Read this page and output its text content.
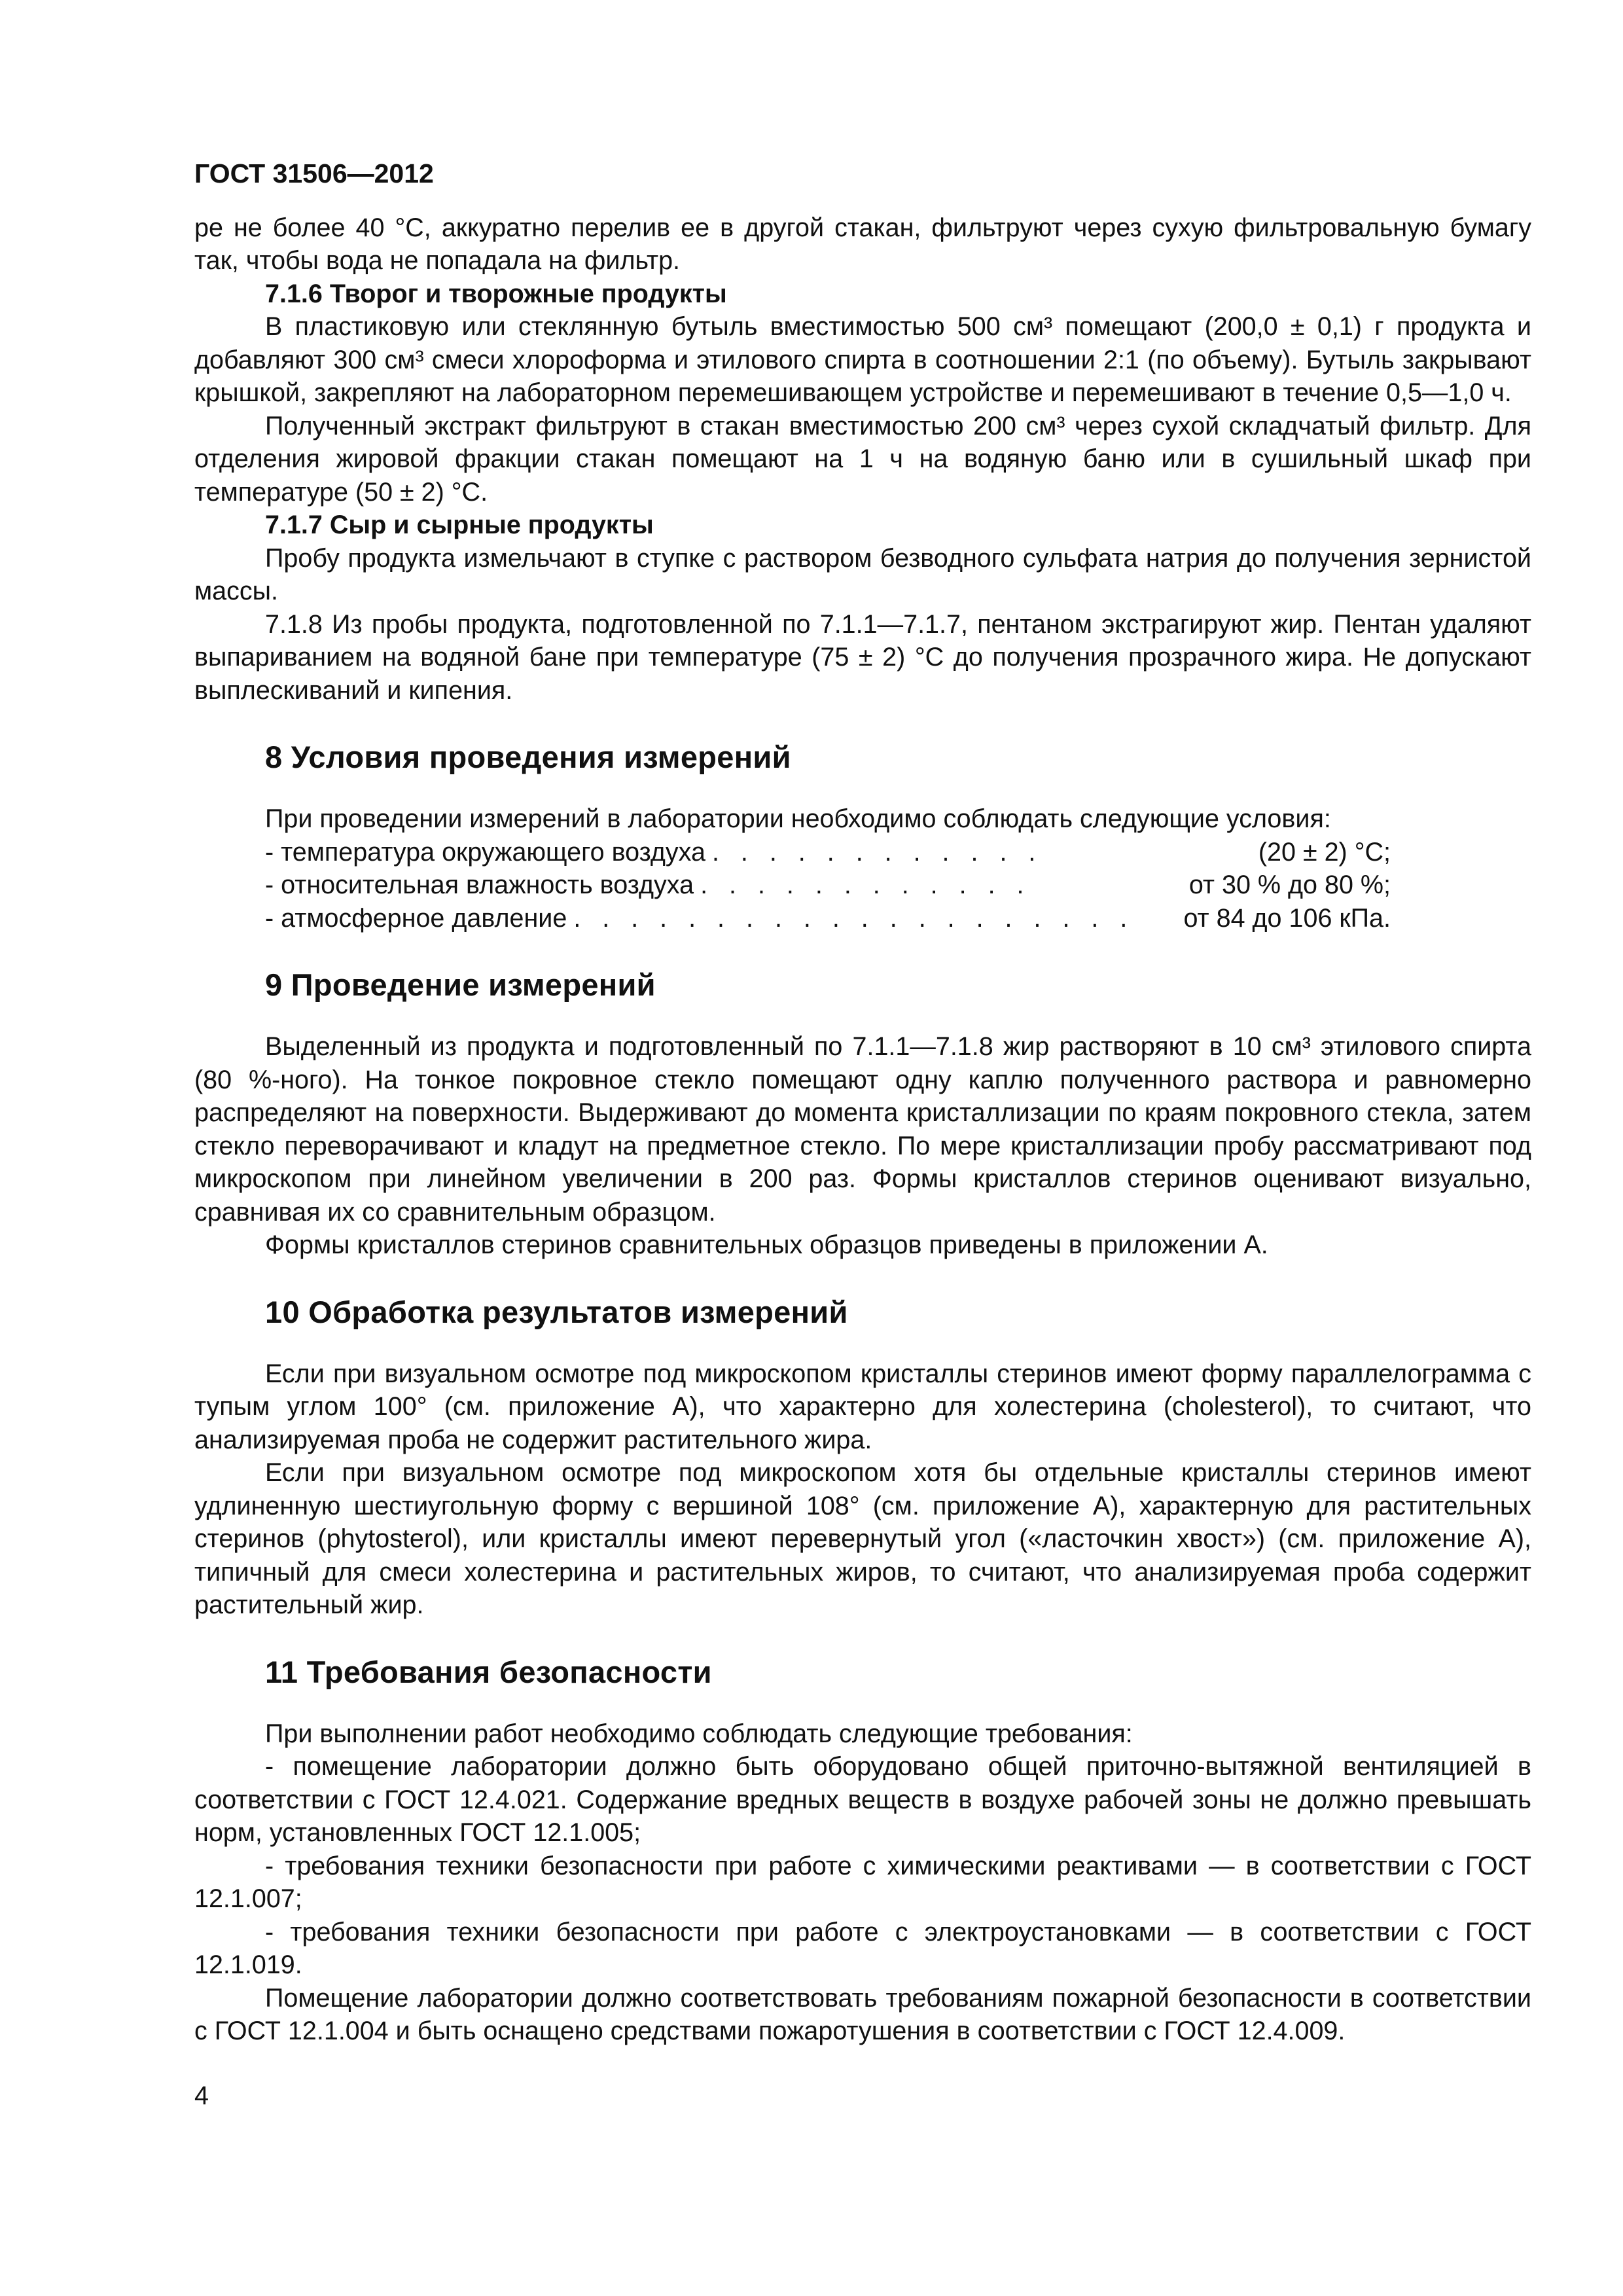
ГОСТ 31506—2012

ре не более 40 °С, аккуратно перелив ее в другой стакан, фильтруют через сухую фильтровальную бумагу так, чтобы вода не попадала на фильтр.

7.1.6 Творог и творожные продукты

В пластиковую или стеклянную бутыль вместимостью 500 см³ помещают (200,0 ± 0,1) г продукта и добавляют 300 см³ смеси хлороформа и этилового спирта в соотношении 2:1 (по объему). Бутыль закрывают крышкой, закрепляют на лабораторном перемешивающем устройстве и перемешивают в течение 0,5—1,0 ч.

Полученный экстракт фильтруют в стакан вместимостью 200 см³ через сухой складчатый фильтр. Для отделения жировой фракции стакан помещают на 1 ч на водяную баню или в сушильный шкаф при температуре (50 ± 2) °С.

7.1.7 Сыр и сырные продукты

Пробу продукта измельчают в ступке с раствором безводного сульфата натрия до получения зернистой массы.

7.1.8 Из пробы продукта, подготовленной по 7.1.1—7.1.7, пентаном экстрагируют жир. Пентан удаляют выпариванием на водяной бане при температуре (75 ± 2) °С до получения прозрачного жира. Не допускают выплескиваний и кипения.

8 Условия проведения измерений

При проведении измерений в лаборатории необходимо соблюдать следующие условия:

- температура окружающего воздуха . . . . . . . . . . . .	(20 ± 2) °С;
- относительная влажность воздуха . . . . . . . . . . . .	от 30 % до 80 %;
- атмосферное давление . . . . . . . . . . . . . . . . . . . .	от 84 до 106 кПа.
9 Проведение измерений

Выделенный из продукта и подготовленный по 7.1.1—7.1.8 жир растворяют в 10 см³ этилового спирта (80 %-ного). На тонкое покровное стекло помещают одну каплю полученного раствора и равномерно распределяют на поверхности. Выдерживают до момента кристаллизации по краям покровного стекла, затем стекло переворачивают и кладут на предметное стекло. По мере кристаллизации пробу рассматривают под микроскопом при линейном увеличении в 200 раз. Формы кристаллов стеринов оценивают визуально, сравнивая их со сравнительным образцом.

Формы кристаллов стеринов сравнительных образцов приведены в приложении А.

10 Обработка результатов измерений

Если при визуальном осмотре под микроскопом кристаллы стеринов имеют форму параллелограмма с тупым углом 100° (см. приложение А), что характерно для холестерина (cholesterol), то считают, что анализируемая проба не содержит растительного жира.

Если при визуальном осмотре под микроскопом хотя бы отдельные кристаллы стеринов имеют удлиненную шестиугольную форму с вершиной 108° (см. приложение А), характерную для растительных стеринов (phytosterol), или кристаллы имеют перевернутый угол («ласточкин хвост») (см. приложение А), типичный для смеси холестерина и растительных жиров, то считают, что анализируемая проба содержит растительный жир.

11 Требования безопасности

При выполнении работ необходимо соблюдать следующие требования:

- помещение лаборатории должно быть оборудовано общей приточно-вытяжной вентиляцией в соответствии с ГОСТ 12.4.021. Содержание вредных веществ в воздухе рабочей зоны не должно превышать норм, установленных ГОСТ 12.1.005;

- требования техники безопасности при работе с химическими реактивами — в соответствии с ГОСТ 12.1.007;

- требования техники безопасности при работе с электроустановками — в соответствии с ГОСТ 12.1.019.

Помещение лаборатории должно соответствовать требованиям пожарной безопасности в соответствии с ГОСТ 12.1.004 и быть оснащено средствами пожаротушения в соответствии с ГОСТ 12.4.009.

4
